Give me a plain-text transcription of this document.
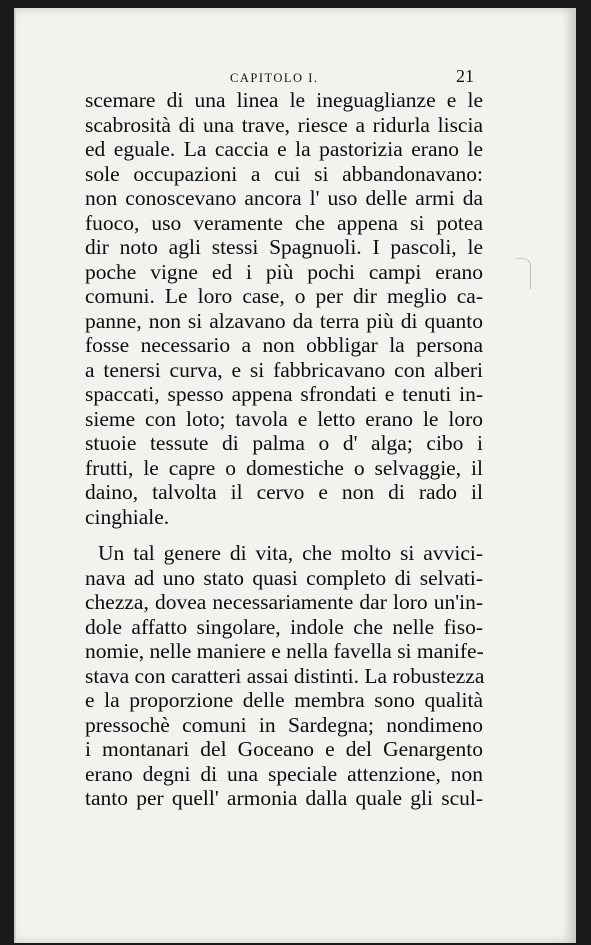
CAPITOLO I.	21
scemare di una linea le ineguaglianze e le
scabrosità di una trave, riesce a ridurla liscia
ed eguale. La caccia e la pastorizia erano le
sole occupazioni a cui si abbandonavano:
non conoscevano ancora l' uso delle armi da
fuoco, uso veramente che appena si potea
dir noto agli stessi Spagnuoli. I pascoli, le
poche vigne ed i più pochi campi erano
comuni. Le loro case, o per dir meglio ca-
panne, non si alzavano da terra più di quanto
fosse necessario a non obbligar la persona
a tenersi curva, e si fabbricavano con alberi
spaccati, spesso appena sfrondati e tenuti in-
sieme con loto; tavola e letto erano le loro
stuoie tessute di palma o d' alga; cibo i
frutti, le capre o domestiche o selvaggie, il
daino, talvolta il cervo e non di rado il
cinghiale.
Un tal genere di vita, che molto si avvici-
nava ad uno stato quasi completo di selvati-
chezza, dovea necessariamente dar loro un'in-
dole affatto singolare, indole che nelle fiso-
nomie, nelle maniere e nella favella si manife-
stava con caratteri assai distinti. La robustezza
e la proporzione delle membra sono qualità
pressochè comuni in Sardegna; nondimeno
i montanari del Goceano e del Genargento
erano degni di una speciale attenzione, non
tanto per quell' armonia dalla quale gli scul-
